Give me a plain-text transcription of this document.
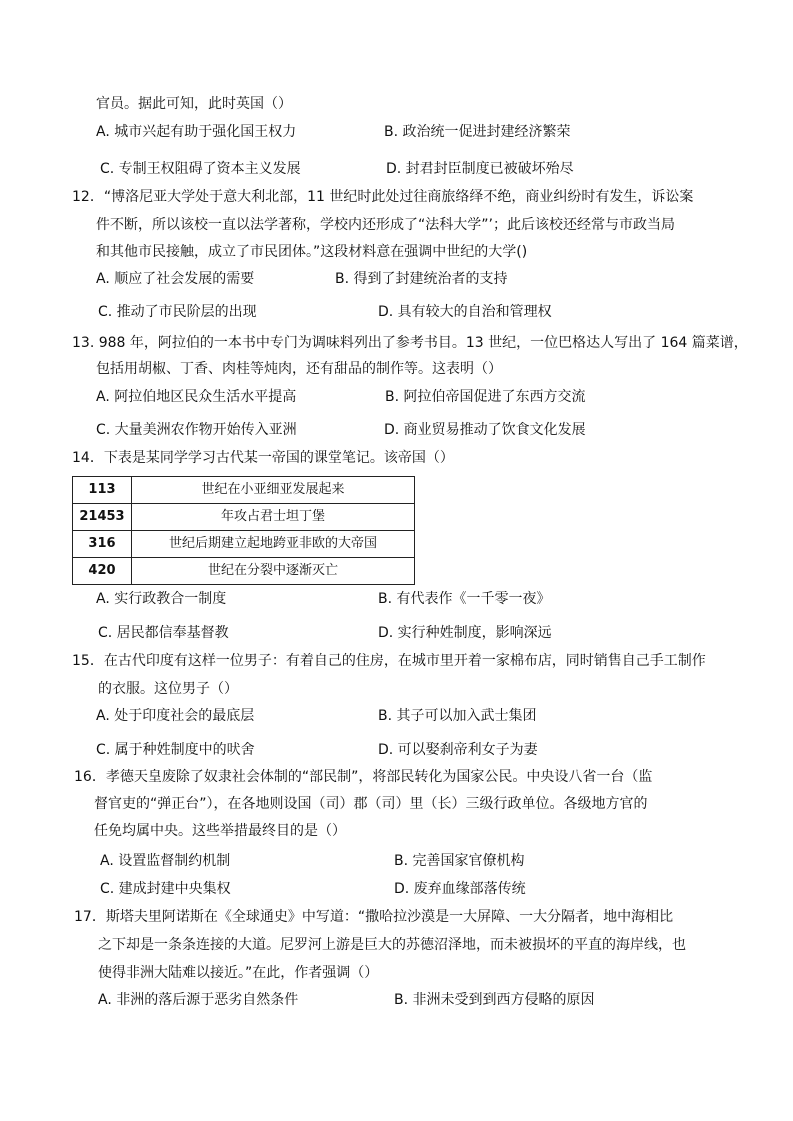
官员。据此可知，此时英国（）
A. 城市兴起有助于强化国王权力	B. 政治统一促进封建经济繁荣
C. 专制王权阻碍了资本主义发展	D. 封君封臣制度已被破坏殆尽
12．“博洛尼亚大学处于意大利北部，11 世纪时此处过往商旅络绎不绝，商业纠纷时有发生，诉讼案
件不断，所以该校一直以法学著称，学校内还形成了“法科大学”’；此后该校还经常与市政当局
和其他市民接触，成立了市民团体。”这段材料意在强调中世纪的大学()
A. 顺应了社会发展的需要	B. 得到了封建统治者的支持
C. 推动了市民阶层的出现	D. 具有较大的自治和管理权
13. 988 年，阿拉伯的一本书中专门为调味料列出了参考书目。13 世纪，一位巴格达人写出了 164 篇菜谱，
包括用胡椒、丁香、肉桂等炖肉，还有甜品的制作等。这表明（）
A. 阿拉伯地区民众生活水平提高	B. 阿拉伯帝国促进了东西方交流
C. 大量美洲农作物开始传入亚洲	D. 商业贸易推动了饮食文化发展
14．下表是某同学学习古代某一帝国的课堂笔记。该帝国（）
113	世纪在小亚细亚发展起来
21453	年攻占君士坦丁堡
316	世纪后期建立起地跨亚非欧的大帝国
420	世纪在分裂中逐渐灭亡
A. 实行政教合一制度	B. 有代表作《一千零一夜》
C. 居民都信奉基督教	D. 实行种姓制度，影响深远
15．在古代印度有这样一位男子：有着自己的住房，在城市里开着一家棉布店，同时销售自己手工制作
的衣服。这位男子（）
A. 处于印度社会的最底层	B. 其子可以加入武士集团
C. 属于种姓制度中的吠舍	D. 可以娶刹帝利女子为妻
16．孝德天皇废除了奴隶社会体制的“部民制”，将部民转化为国家公民。中央设八省一台（监
督官吏的“弹正台”），在各地则设国（司）郡（司）里（长）三级行政单位。各级地方官的
任免均属中央。这些举措最终目的是（）
A. 设置监督制约机制	B. 完善国家官僚机构
C. 建成封建中央集权	D. 废弃血缘部落传统
17．斯塔夫里阿诺斯在《全球通史》中写道：“撒哈拉沙漠是一大屏障、一大分隔者，地中海相比
之下却是一条条连接的大道。尼罗河上游是巨大的苏德沼泽地，而未被损坏的平直的海岸线，也
使得非洲大陆难以接近。”在此，作者强调（）
A. 非洲的落后源于恶劣自然条件	B. 非洲未受到到西方侵略的原因
